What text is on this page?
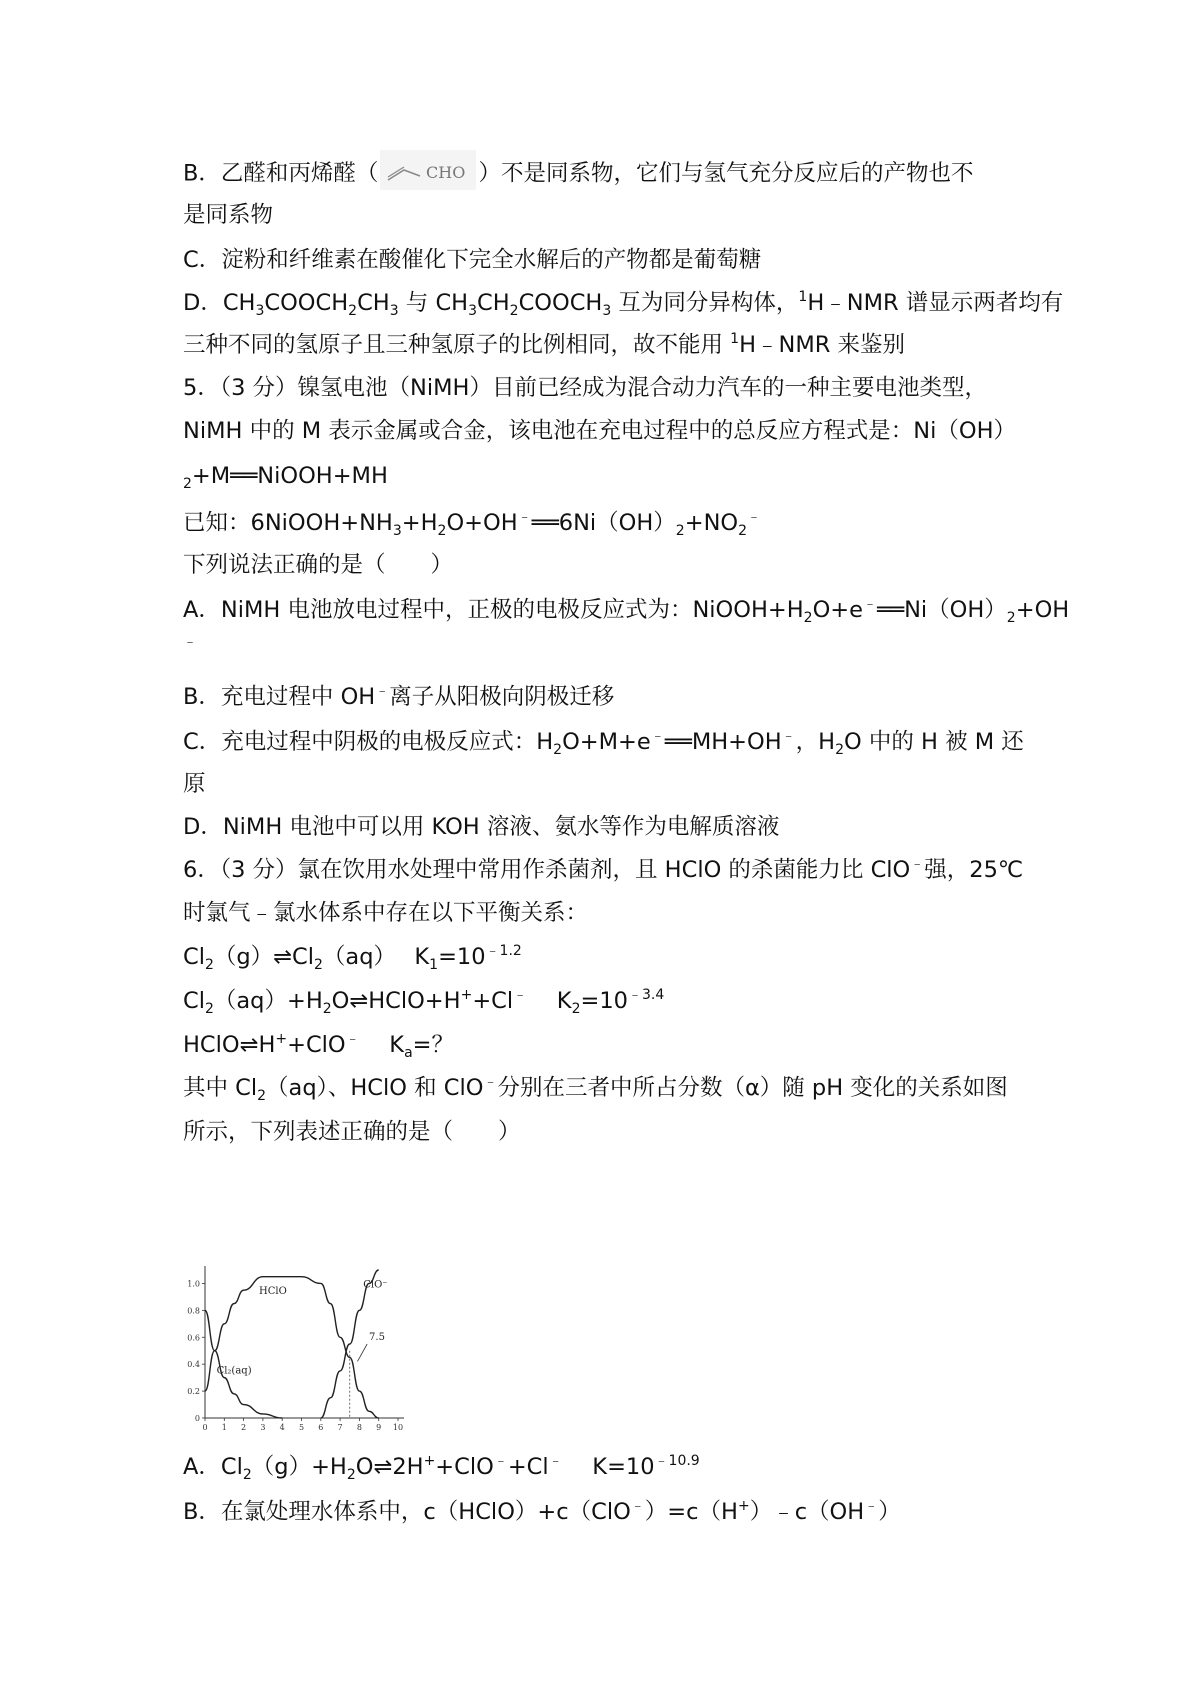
B．乙醛和丙烯醛（	CHO ）不是同系物，它们与氢气充分反应后的产物也不
是同系物
C．淀粉和纤维素在酸催化下完全水解后的产物都是葡萄糖
D．$CH_3COOCH_2CH_3$ 与 $CH_3CH_2COOCH_3$ 互为同分异构体，$^1$H﹣NMR 谱显示两者均有
三种不同的氢原子且三种氢原子的比例相同，故不能用 $^1$H﹣NMR 来鉴别
5．（3 分）镍氢电池（NiMH）目前已经成为混合动力汽车的一种主要电池类型，
NiMH 中的 M 表示金属或合金，该电池在充电过程中的总反应方程式是：Ni（OH）
$_2$+M══NiOOH+MH
已知：$6NiOOH+NH_3+H_2O+OH^﹣══6Ni(OH)_2+NO_2^﹣$
下列说法正确的是（　　）
A．NiMH 电池放电过程中，正极的电极反应式为：$NiOOH+H_2O+e^﹣══Ni(OH)_2+OH$
﹣
B．充电过程中 OH﹣离子从阳极向阴极迁移
C．充电过程中阴极的电极反应式：$H_2O+M+e^﹣══MH+OH^﹣$，$H_2O$ 中的 H 被 M 还
原
D．NiMH 电池中可以用 KOH 溶液、氨水等作为电解质溶液
6．（3 分）氯在饮用水处理中常用作杀菌剂，且 HClO 的杀菌能力比 ClO﹣强，25℃
时氯气﹣氯水体系中存在以下平衡关系：
$Cl_2(g)\rightleftharpoons Cl_2(aq)$　 $K_1=10^{﹣1.2}$
$Cl_2(aq)+H_2O\rightleftharpoons HClO+H^++Cl^﹣$　 $K_2=10^{﹣3.4}$
HClO⇌H++ClO﹣　 $K_a=$？
其中 $Cl_2(aq)$、HClO 和 ClO﹣分别在三者中所占分数（α）随 pH 变化的关系如图
所示，下列表述正确的是（　　）
0 1 2 3 4 5 6 7 8 9 10
0
0.2
0.4
0.6
0.8
1.0
Cl₂(aq)
HClO
ClO⁻
7.5
A．$Cl_2(g)+H_2O\rightleftharpoons 2H^++ClO^﹣+Cl^﹣$　 $K=10^{﹣10.9}$
B．在氯处理水体系中，c（HClO）+c（ClO﹣）=c（H+）﹣c（OH﹣）
